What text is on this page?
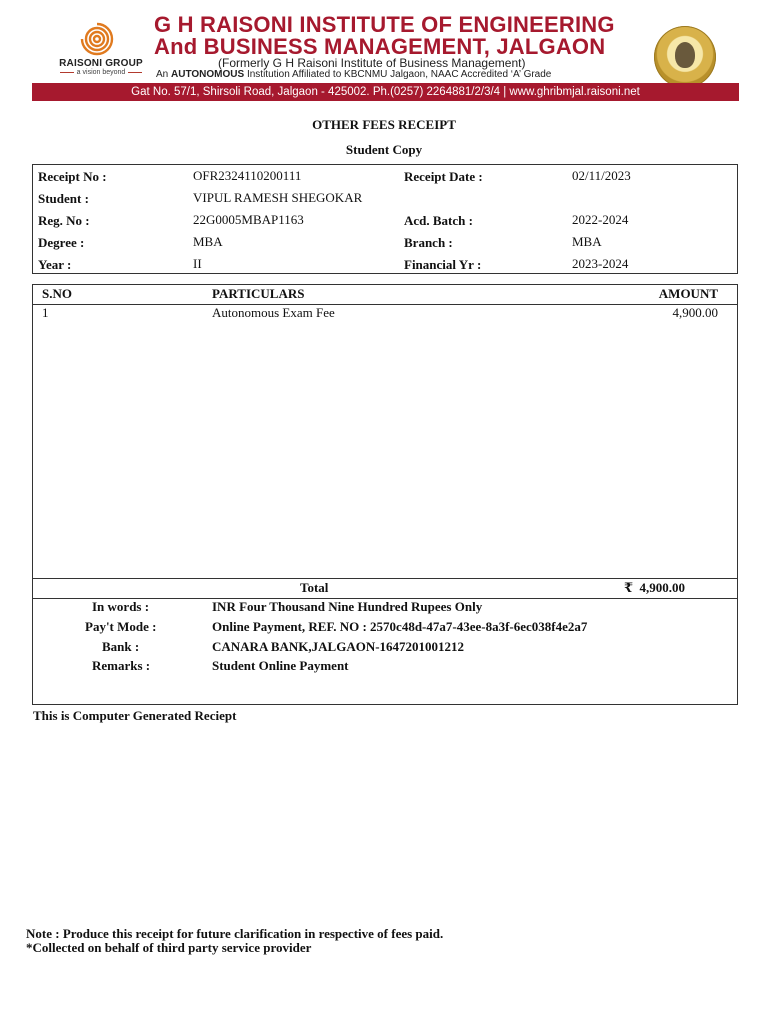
RAISONI GROUP
a vision beyond
G H RAISONI INSTITUTE OF ENGINEERING
And BUSINESS MANAGEMENT, JALGAON
(Formerly G H Raisoni Institute of Business Management)
An AUTONOMOUS Institution Affiliated to KBCNMU Jalgaon, NAAC Accredited ‘A’ Grade
Gat No. 57/1, Shirsoli Road, Jalgaon - 425002. Ph.(0257) 2264881/2/3/4 | www.ghribmjal.raisoni.net
OTHER FEES RECEIPT
Student Copy
Receipt No :	OFR2324110200111	Receipt Date :	02/11/2023
Student :	VIPUL RAMESH SHEGOKAR
Reg. No :	22G0005MBAP1163	Acd. Batch :	2022-2024
Degree :	MBA	Branch :	MBA
Year :	II	Financial Yr :	2023-2024
S.NO	PARTICULARS	AMOUNT
1	Autonomous Exam Fee	4,900.00
Total	₹ 4,900.00
In words :	INR Four Thousand Nine Hundred Rupees Only
Pay't Mode :	Online Payment, REF. NO : 2570c48d-47a7-43ee-8a3f-6ec038f4e2a7
Bank :	CANARA BANK,JALGAON-1647201001212
Remarks :	Student Online Payment
This is Computer Generated Reciept
Note : Produce this receipt for future clarification in respective of fees paid.
*Collected on behalf of third party service provider
